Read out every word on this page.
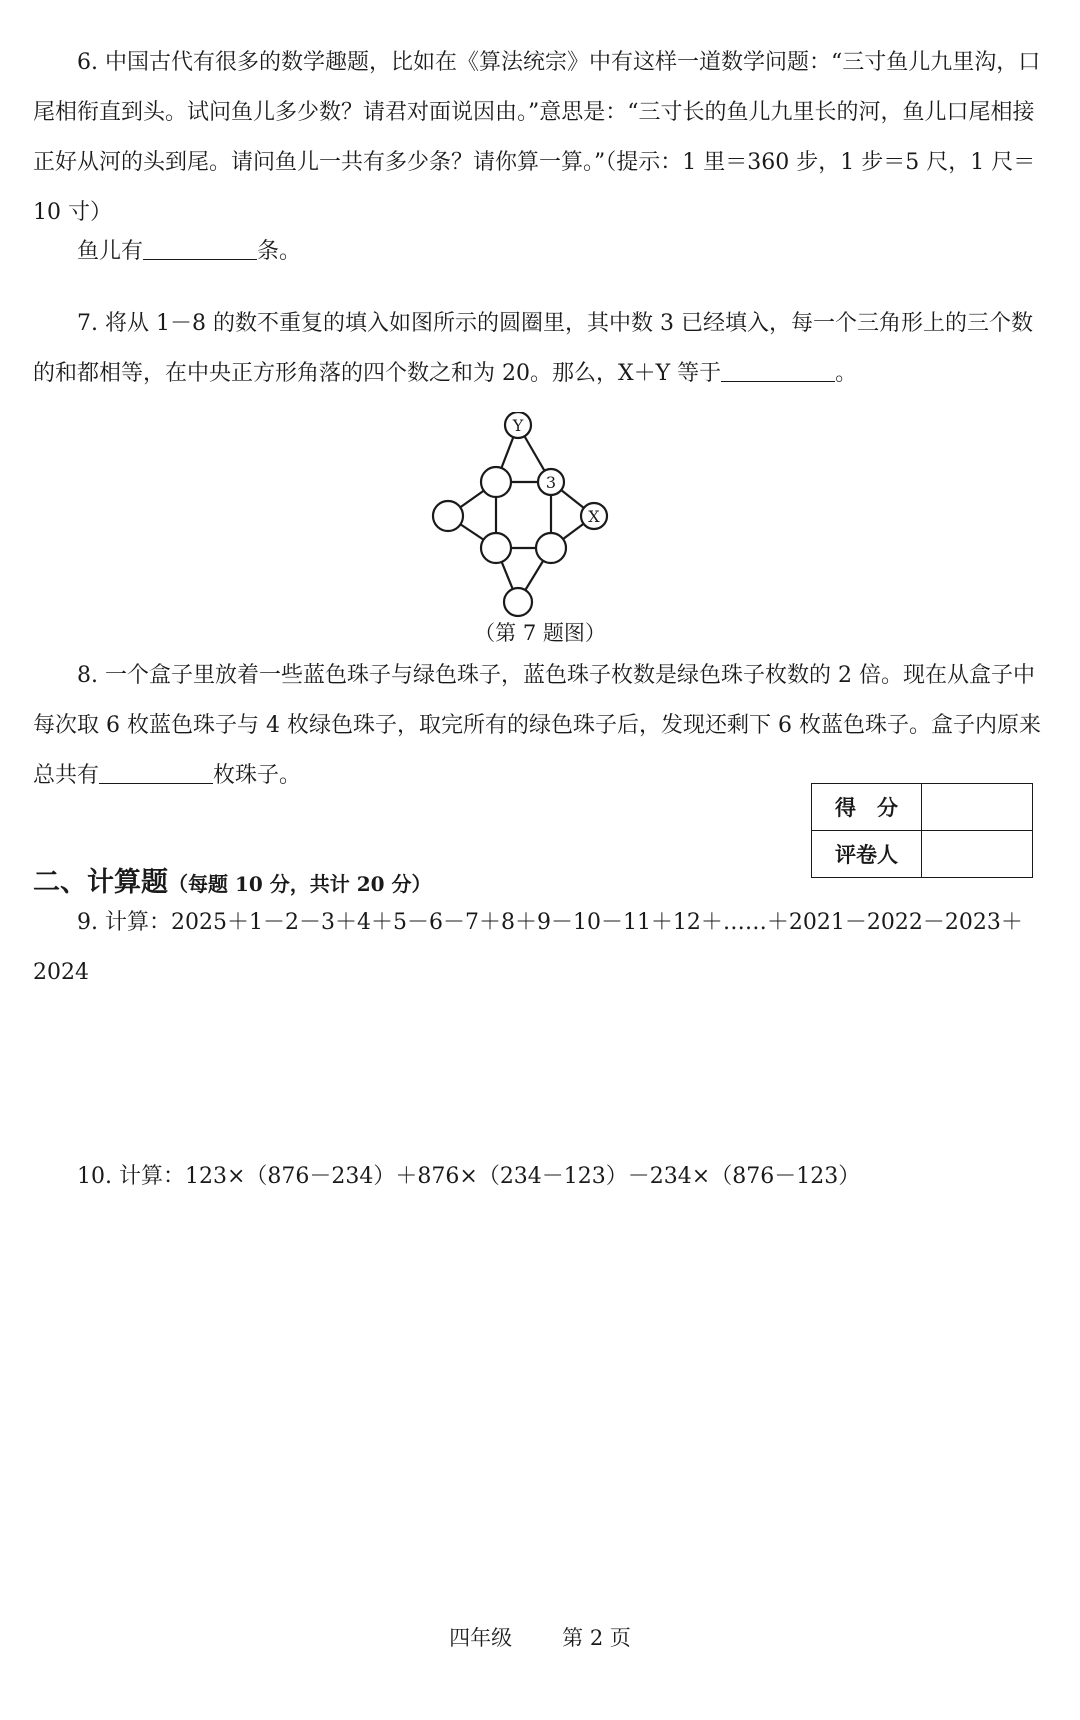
6. 中国古代有很多的数学趣题，比如在《算法统宗》中有这样一道数学问题：“三寸鱼儿九里沟，口尾相衔直到头。试问鱼儿多少数？请君对面说因由。”意思是：“三寸长的鱼儿九里长的河，鱼儿口尾相接正好从河的头到尾。请问鱼儿一共有多少条？请你算一算。”（提示：1 里＝360 步，1 步＝5 尺，1 尺＝10 寸）

鱼儿有	条。

7. 将从 1－8 的数不重复的填入如图所示的圆圈里，其中数 3 已经填入，每一个三角形上的三个数的和都相等，在中央正方形角落的四个数之和为 20。那么，X＋Y 等于	。

Y
3
X
（第 7 题图）

8. 一个盒子里放着一些蓝色珠子与绿色珠子，蓝色珠子枚数是绿色珠子枚数的 2 倍。现在从盒子中每次取 6 枚蓝色珠子与 4 枚绿色珠子，取完所有的绿色珠子后，发现还剩下 6 枚蓝色珠子。盒子内原来总共有	枚珠子。

得　分	
评卷人	
二、计算题（每题 10 分，共计 20 分）

9. 计算：2025＋1－2－3＋4＋5－6－7＋8＋9－10－11＋12＋……＋2021－2022－2023＋2024

10. 计算：123×（876－234）＋876×（234－123）－234×（876－123）

四年级 第 2 页
